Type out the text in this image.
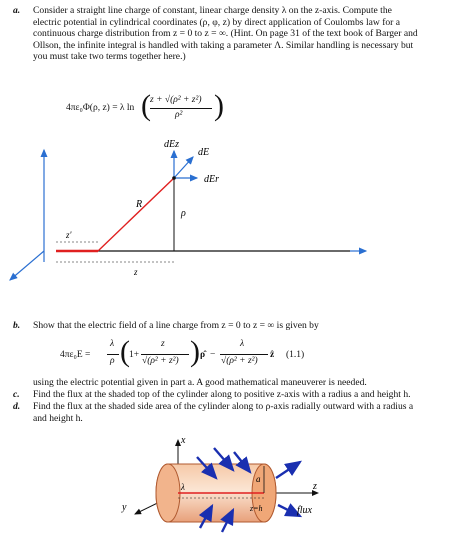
a. Consider a straight line charge of constant, linear charge density λ on the z-axis. Compute the
electric potential in cylindrical coordinates (ρ, φ, z) by direct application of Coulombs law for a
continuous charge distribution from z = 0 to z = ∞. (Hint. On page 31 of the text book of Barger and
Ollson, the infinite integral is handled with taking a parameter Λ. Similar handling is necessary but
you must take two terms together here.)
4πε₀Φ(ρ, z) = λ ln ( z + √(ρ² + z²)
ρ² )
dEz
dE
dEr
R
ρ
z'
z
b. Show that the electric field of a line charge from z = 0 to z = ∞ is given by
4πε₀E =
λ
ρ ( 1+
z
√(ρ² + z²) ) ρ̂ −
λ
√(ρ² + z²)
ẑ (1.1)
using the electric potential given in part a. A good mathematical maneuverer is needed.
c. Find the flux at the shaded top of the cylinder along to positive z-axis with a radius a and height h.
d. Find the flux at the shaded side area of the cylinder along to ρ-axis radially outward with a radius a
and height h.
x
y
z
λ
a
z=h	flux
